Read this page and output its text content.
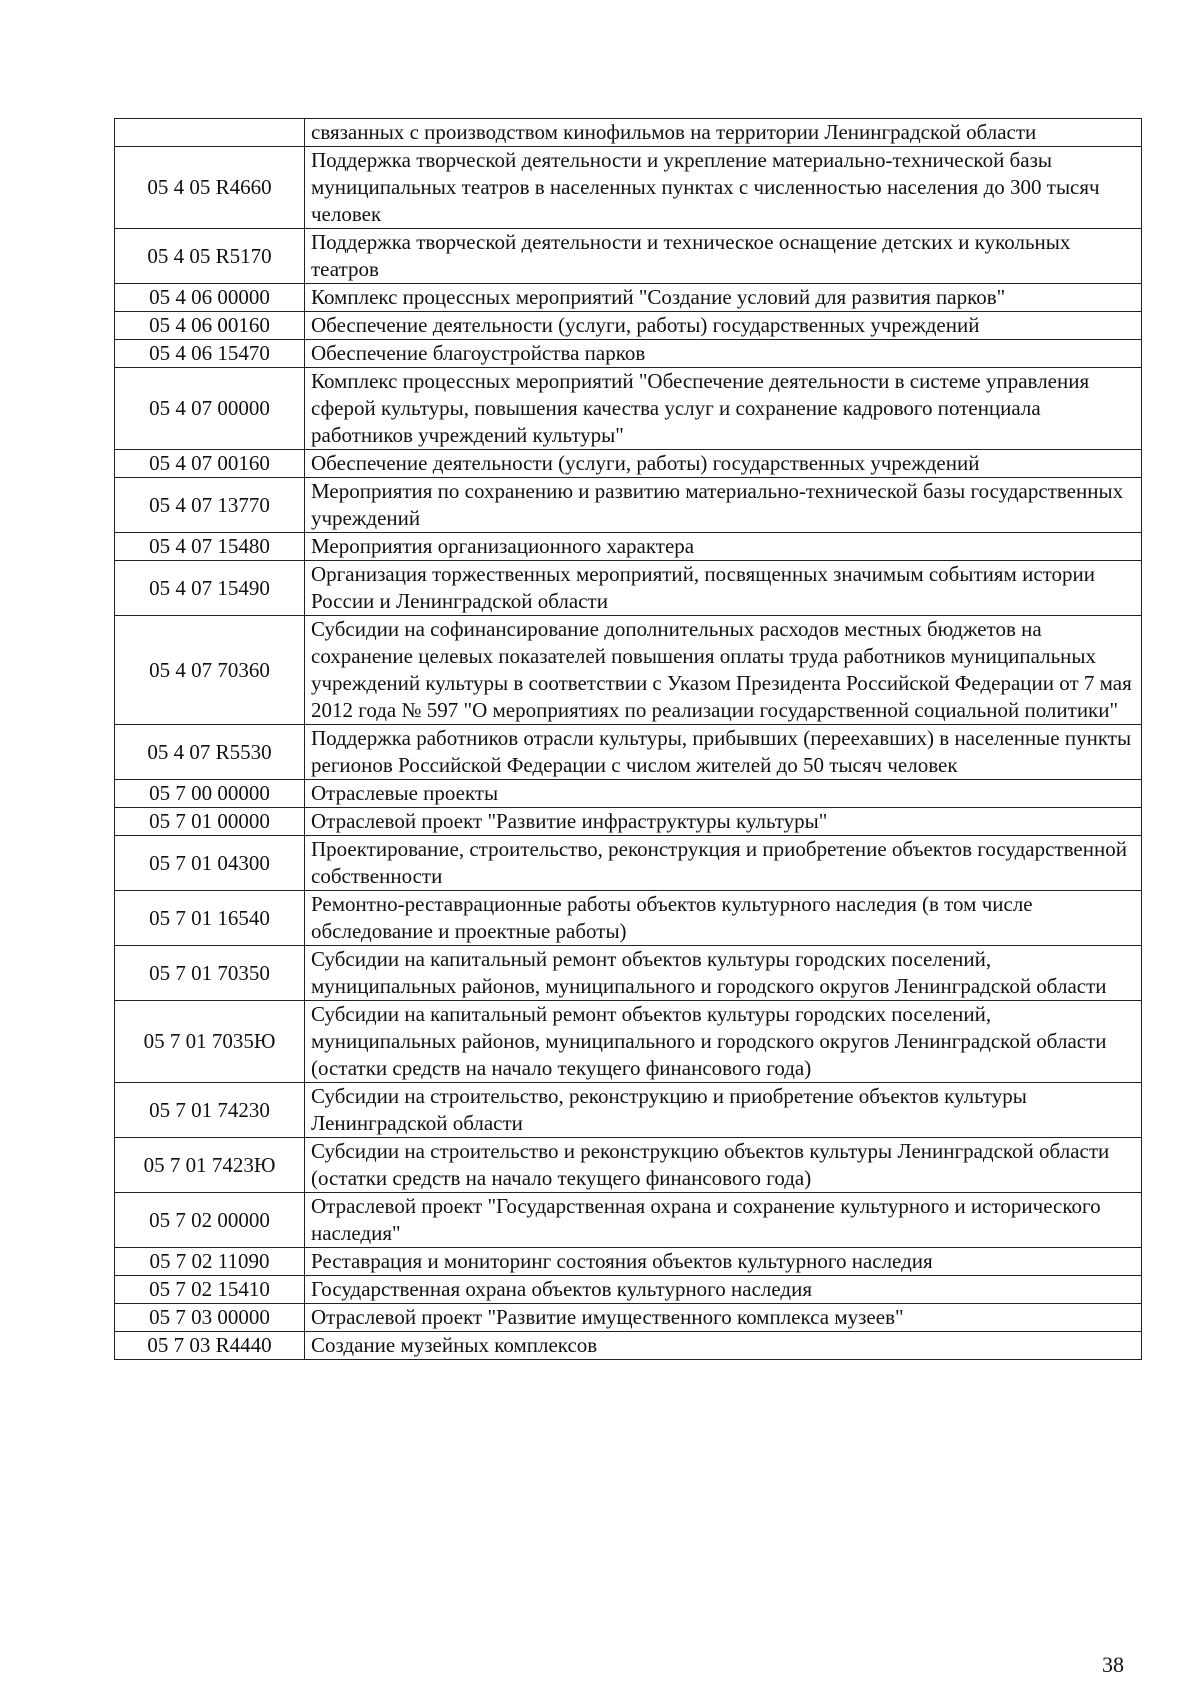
	связанных с производством кинофильмов на территории Ленинградской области
05 4 05 R4660	Поддержка творческой деятельности и укрепление материально-технической базы муниципальных театров в населенных пунктах с численностью населения до 300 тысяч человек
05 4 05 R5170	Поддержка творческой деятельности и техническое оснащение детских и кукольных театров
05 4 06 00000	Комплекс процессных мероприятий "Создание условий для развития парков"
05 4 06 00160	Обеспечение деятельности (услуги, работы) государственных учреждений
05 4 06 15470	Обеспечение благоустройства парков
05 4 07 00000	Комплекс процессных мероприятий "Обеспечение деятельности в системе управления сферой культуры, повышения качества услуг и сохранение кадрового потенциала работников учреждений культуры"
05 4 07 00160	Обеспечение деятельности (услуги, работы) государственных учреждений
05 4 07 13770	Мероприятия по сохранению и развитию материально-технической базы государственных учреждений
05 4 07 15480	Мероприятия организационного характера
05 4 07 15490	Организация торжественных мероприятий, посвященных значимым событиям истории России и Ленинградской области
05 4 07 70360	Субсидии на софинансирование дополнительных расходов местных бюджетов на сохранение целевых показателей повышения оплаты труда работников муниципальных учреждений культуры в соответствии с Указом Президента Российской Федерации от 7 мая 2012 года № 597 "О мероприятиях по реализации государственной социальной политики"
05 4 07 R5530	Поддержка работников отрасли культуры, прибывших (переехавших) в населенные пункты регионов Российской Федерации с числом жителей до 50 тысяч человек
05 7 00 00000	Отраслевые проекты
05 7 01 00000	Отраслевой проект "Развитие инфраструктуры культуры"
05 7 01 04300	Проектирование, строительство, реконструкция и приобретение объектов государственной собственности
05 7 01 16540	Ремонтно-реставрационные работы объектов культурного наследия (в том числе обследование и проектные работы)
05 7 01 70350	Субсидии на капитальный ремонт объектов культуры городских поселений, муниципальных районов, муниципального и городского округов Ленинградской области
05 7 01 7035Ю	Субсидии на капитальный ремонт объектов культуры городских поселений, муниципальных районов, муниципального и городского округов Ленинградской области (остатки средств на начало текущего финансового года)
05 7 01 74230	Субсидии на строительство, реконструкцию и приобретение объектов культуры Ленинградской области
05 7 01 7423Ю	Субсидии на строительство и реконструкцию объектов культуры Ленинградской области (остатки средств на начало текущего финансового года)
05 7 02 00000	Отраслевой проект "Государственная охрана и сохранение культурного и исторического наследия"
05 7 02 11090	Реставрация и мониторинг состояния объектов культурного наследия
05 7 02 15410	Государственная охрана объектов культурного наследия
05 7 03 00000	Отраслевой проект "Развитие имущественного комплекса музеев"
05 7 03 R4440	Создание музейных комплексов
38
